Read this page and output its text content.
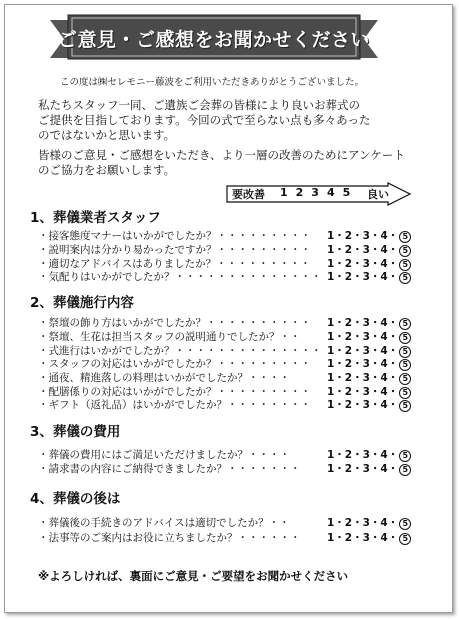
ご意見・ご感想をお聞かせください
この度は㈱セレモニー藤波をご利用いただきありがとうございました。

私たちスタッフ一同、ご遺族ご会葬の皆様により良いお葬式の

ご提供を目指しております。今回の式で至らない点も多々あった

のではないかと思います。

皆様のご意見・ご感想をいただき、より一層の改善のためにアンケート

のご協力をお願いします。

要改善 12345 良い
1、葬儀業者スタッフ
・接客態度マナーはいかがでしたか？・・・・・・・・・ 1・2・3・4・ 5
・説明案内は分かり易かったですか？・・・・・・・・・ 1・2・3・4・ 5
・適切なアドバイスはありましたか？・・・・・・・・・ 1・2・3・4・ 5
・気配りはいかがでしたか？・・・・・・・・・・・・・・ 1・2・3・4・ 5
2、葬儀施行内容
・祭壇の飾り方はいかがでしたか？・・・・・・・・・・ 1・2・3・4・ 5
・祭壇、生花は担当スタッフの説明通りでしたか？・・	1・2・3・4・ 5
・式進行はいかがでしたか？・・・・・・・・・・・・・・ 1・2・3・4・ 5
・スタッフの対応はいかがでしたか？・・・・・・・・・ 1・2・3・4・ 5
・通夜、精進落しの料理はいかがでしたか？・・・・	1・2・3・4・ 5
・配膳係りの対応はいかがでしたか？・・・・・・・・・ 1・2・3・4・ 5
・ギフト（返礼品）はいかがでしたか？・・・・・・・・ 1・2・3・4・ 5
3、葬儀の費用
・葬儀の費用にはご満足いただけましたか？・・・・	1・2・3・4・ 5
・請求書の内容にご納得できましたか？・・・・・・・	1・2・3・4・ 5
4、葬儀の後は
・葬儀後の手続きのアドバイスは適切でしたか？・・	1・2・3・4・ 5
・法事等のご案内はお役に立ちましたか？・・・・・・	1・2・3・4・ 5
※よろしければ、裏面にご意見・ご要望をお聞かせください
